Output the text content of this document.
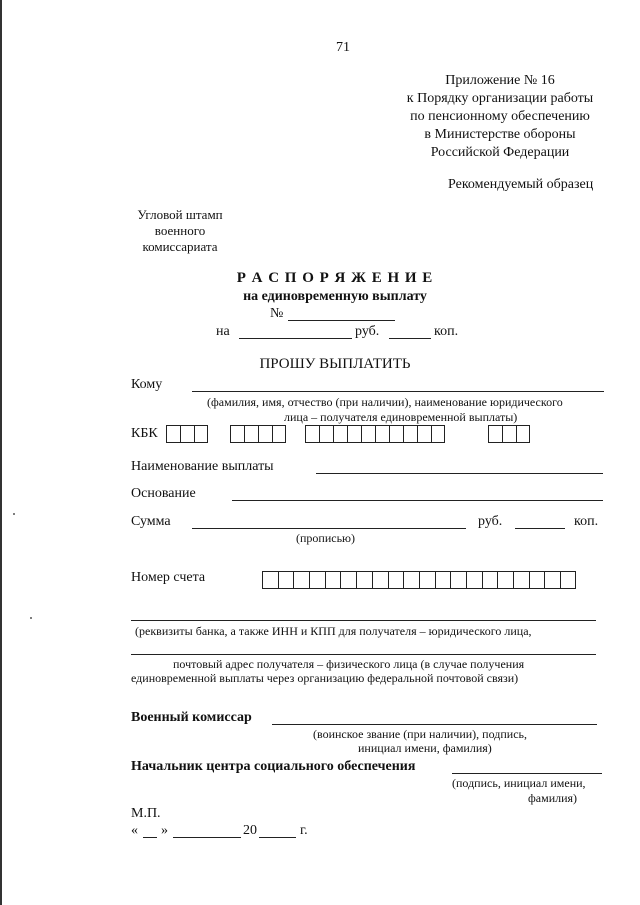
71
Приложение № 16
к Порядку организации работы
по пенсионному обеспечению
в Министерстве обороны
Российской Федерации
Рекомендуемый образец
Угловой штамп
военного
комиссариата
Р А С П О Р Я Ж Е Н И Е
на единовременную выплату
№
на	руб.	коп.
ПРОШУ ВЫПЛАТИТЬ
Кому
(фамилия, имя, отчество (при наличии), наименование юридического
лица – получателя единовременной выплаты)
КБК
Наименование выплаты
Основание
Сумма	руб.	коп.
(прописью)
Номер счета
(реквизиты банка, а также ИНН и КПП для получателя – юридического лица,
почтовый адрес получателя – физического лица (в случае получения
единовременной выплаты через организацию федеральной почтовой связи)
Военный комиссар
(воинское звание (при наличии), подпись,
инициал имени, фамилия)
Начальник центра социального обеспечения
(подпись, инициал имени,
фамилия)
М.П.
« »	20	г.
